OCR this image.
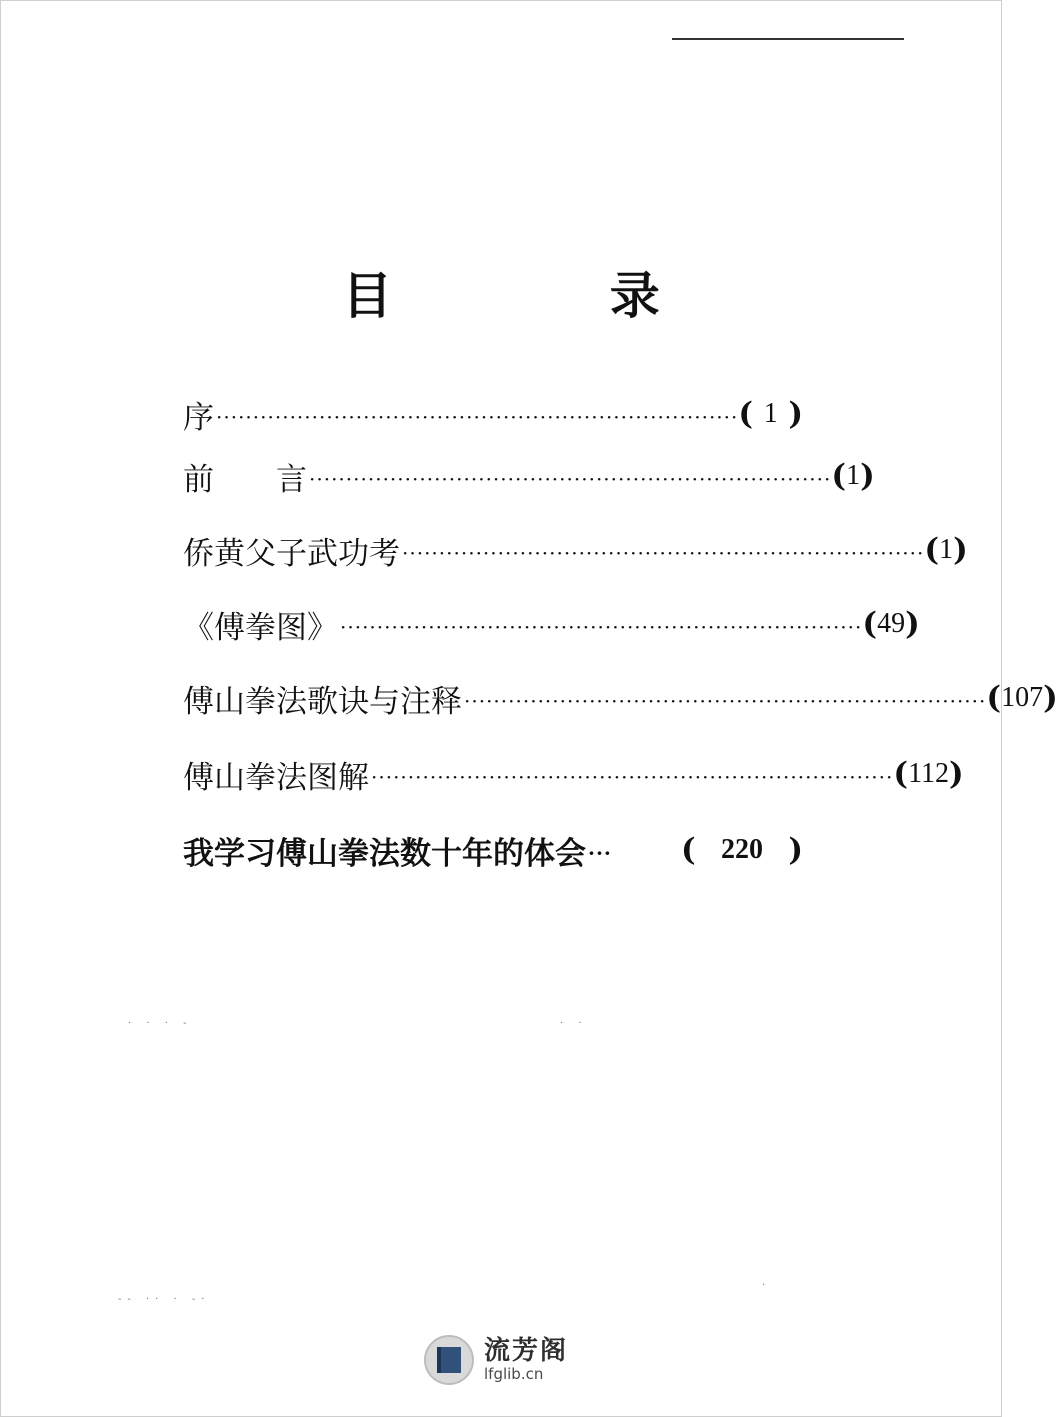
目 录
序 ······································································· ( 1 )
前 言 ······································································· ( 1 )
侨黄父子武功考 ······································································· ( 1 )
《傅拳图》 ······································································· ( 49 )
傅山拳法歌诀与注释 ······································································· ( 107 )
傅山拳法图解 ······································································· ( 112 )
我学习傅山拳法数十年的体会 ··· ( 220 )
· · · -	· ·
-- ·· · -·
·
流芳阁
lfglib.cn
